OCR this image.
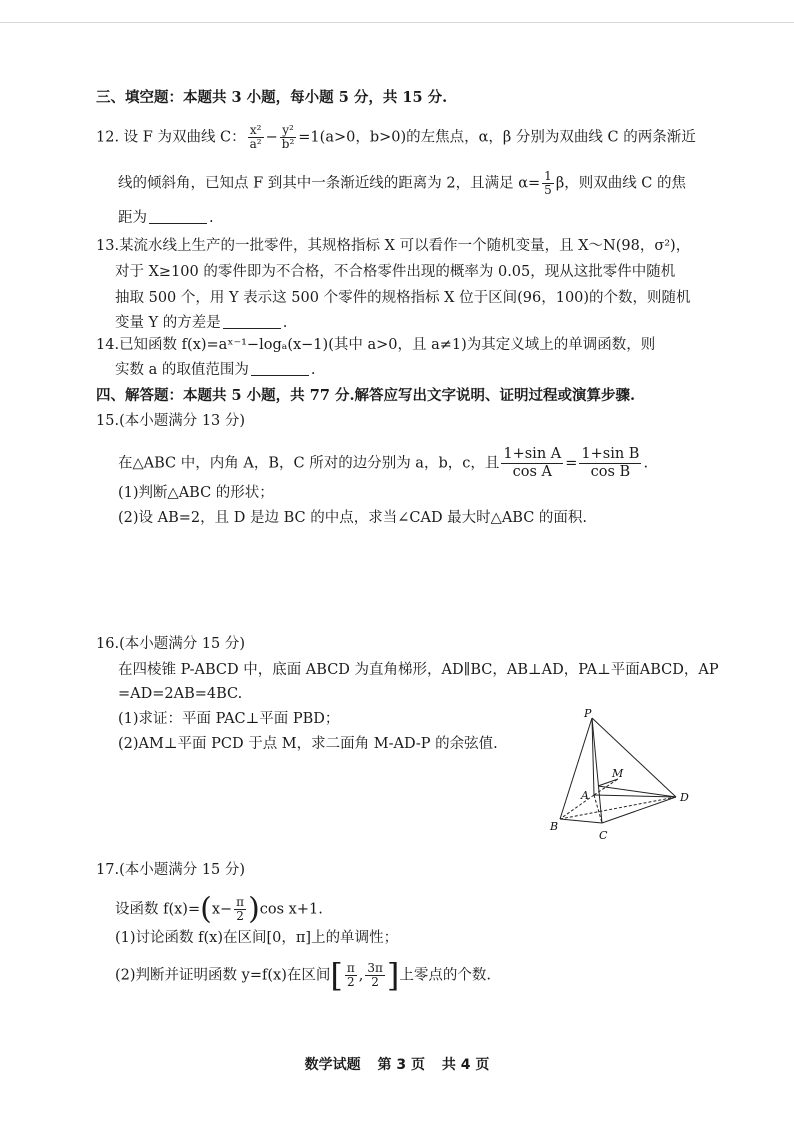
三、填空题：本题共 3 小题，每小题 5 分，共 15 分.
12. 设 F 为双曲线 C： $\frac{\text{x²}}{\text{a²}} - \frac{\text{y²}}{\text{b²}} =1(a>0$，b>0)的左焦点，α，β 分别为双曲线 C 的两条渐近
线的倾斜角，已知点 F 到其中一条渐近线的距离为 2，且满足 $\alpha= \frac{1}{5}$ β，则双曲线 C 的焦
距为	.
13.某流水线上生产的一批零件，其规格指标 X 可以看作一个随机变量，且 X～N(98，σ²)，
对于 X≥100 的零件即为不合格，不合格零件出现的概率为 0.05，现从这批零件中随机
抽取 500 个，用 Y 表示这 500 个零件的规格指标 X 位于区间(96，100)的个数，则随机
变量 Y 的方差是	.
14.已知函数 f(x)=aˣ⁻¹−logₐ(x−1)(其中 a>0，且 a≠1)为其定义域上的单调函数，则
实数 a 的取值范围为	.
四、解答题：本题共 5 小题，共 77 分.解答应写出文字说明、证明过程或演算步骤.
15.(本小题满分 13 分)
在△ABC 中，内角 A，B，C 所对的边分别为 a，b，c，且 $\frac{\text{1+sin A}}{\text{cos A}} = \frac{\text{1+sin B}}{\text{cos B}}$ .
(1)判断△ABC 的形状；
(2)设 AB=2，且 D 是边 BC 的中点，求当∠CAD 最大时△ABC 的面积.
16.(本小题满分 15 分)
在四棱锥 P-ABCD 中，底面 ABCD 为直角梯形，AD∥BC，AB⊥AD，PA⊥平面ABCD，AP
=AD=2AB=4BC.
(1)求证：平面 PAC⊥平面 PBD；
(2)AM⊥平面 PCD 于点 M，求二面角 M-AD-P 的余弦值.
P
M
A	D
B
C
17.(本小题满分 15 分)
设函数 $f(x)=(x- \frac{\pi}{2} )\cos$ x+1.
(1)讨论函数 f(x)在区间[0，π]上的单调性；
(2)判断并证明函数 y=f(x)在区间[ $\frac{\pi}{2}$ , $\frac{3\pi}{2}$ ]上零点的个数.
数学试题 第 3 页 共 4 页
